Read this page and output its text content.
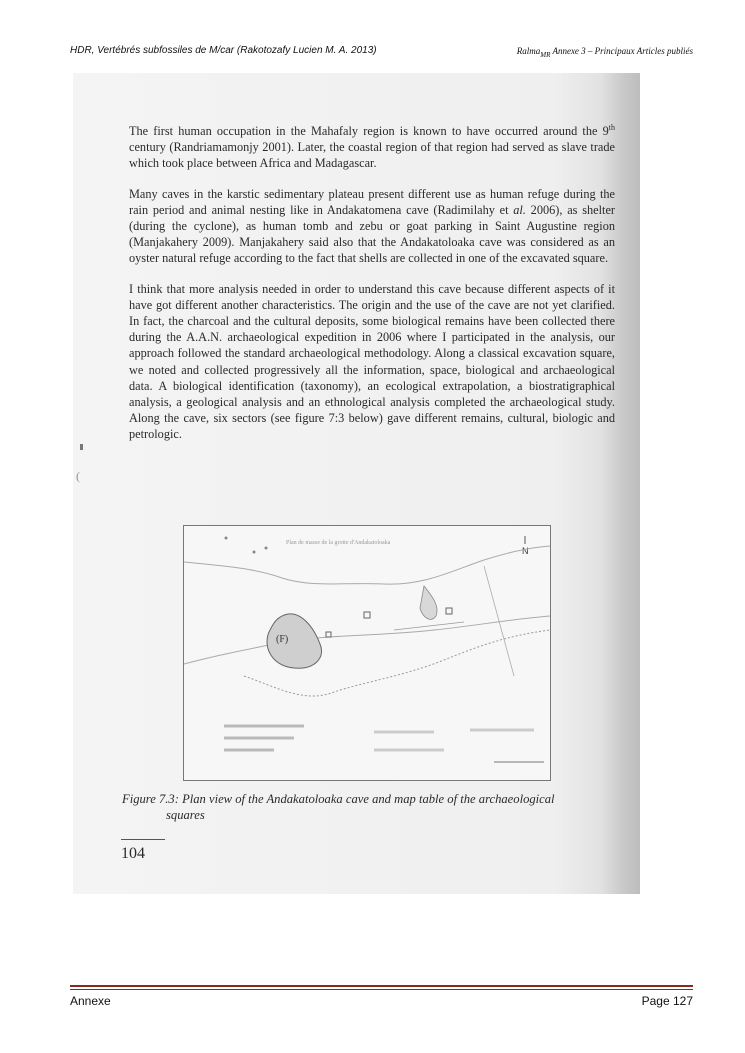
HDR, Vertébrés subfossiles de M/car (Rakotozafy Lucien M. A. 2013)	Ralma$_{MR}$ Annexe 3 – Principaux Articles publiés

The first human occupation in the Mahafaly region is known to have occurred around the 9th century (Randriamamonjy 2001). Later, the coastal region of that region had served as slave trade which took place between Africa and Madagascar.

Many caves in the karstic sedimentary plateau present different use as human refuge during the rain period and animal nesting like in Andakatomena cave (Radimilahy et al. 2006), as shelter (during the cyclone), as human tomb and zebu or goat parking in Saint Augustine region (Manjakahery 2009). Manjakahery said also that the Andakatoloaka cave was considered as an oyster natural refuge according to the fact that shells are collected in one of the excavated square.

I think that more analysis needed in order to understand this cave because different aspects of it have got different another characteristics. The origin and the use of the cave are not yet clarified. In fact, the charcoal and the cultural deposits, some biological remains have been collected there during the A.A.N. archaeological expedition in 2006 where I participated in the analysis, our approach followed the standard archaeological methodology. Along a classical excavation square, we noted and collected progressively all the information, space, biological and archaeological data. A biological identification (taxonomy), an ecological extrapolation, a biostratigraphical analysis, a geological analysis and an ethnological analysis completed the archaeological study. Along the cave, six sectors (see figure 7:3 below) gave different remains, cultural, biologic and petrologic.

(
Plan de masse de la grotte d'Andakatoloaka
N
(F)
Figure 7.3: Plan view of the Andakatoloaka cave and map table of the archaeological
squares
104
Annexe	Page 127
